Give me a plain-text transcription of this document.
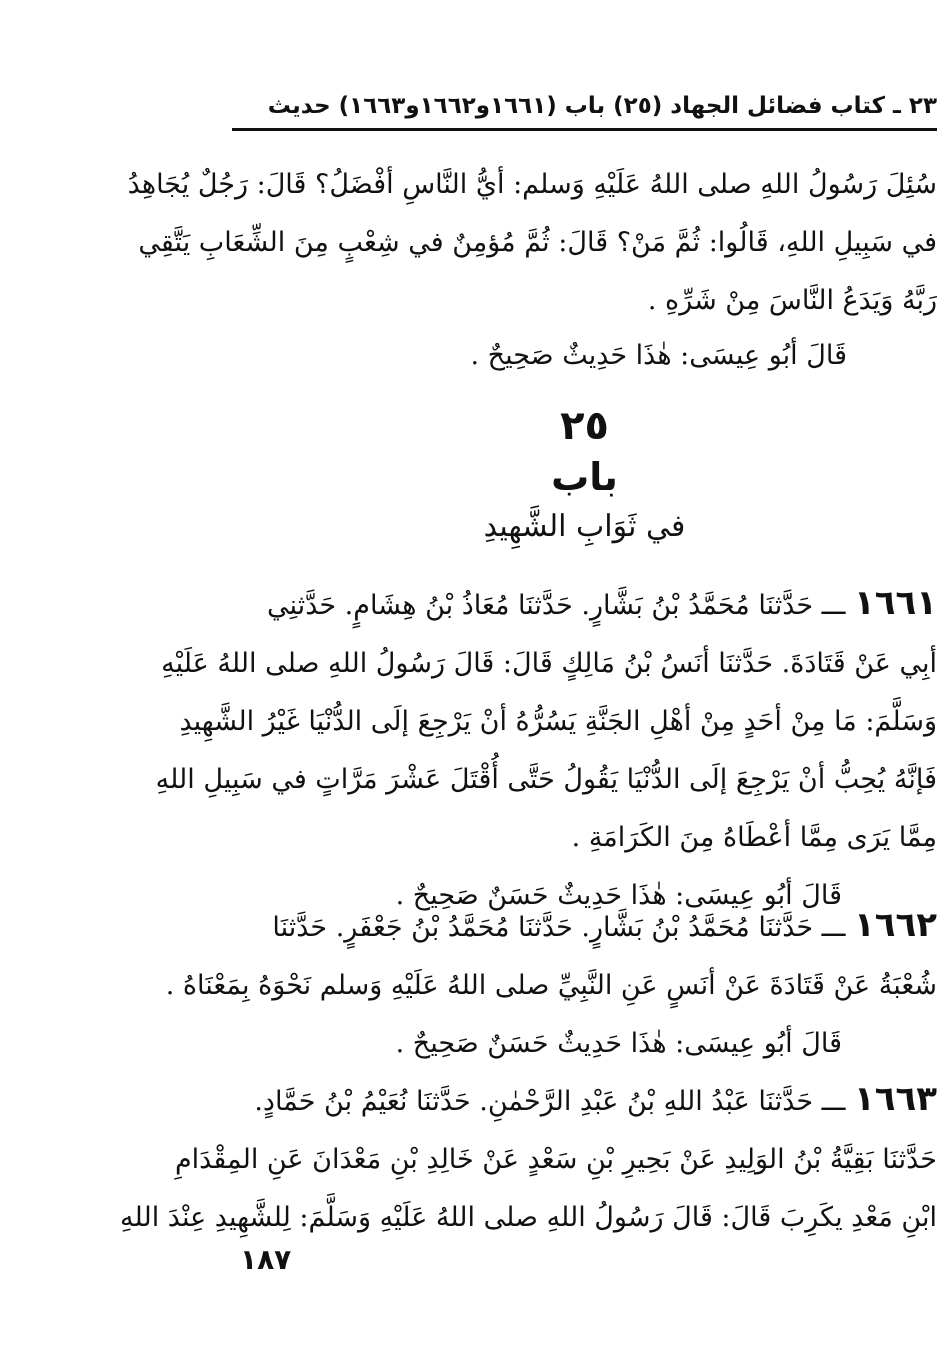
٢٣ ـ كتاب فضائل الجهاد (٢٥) باب (١٦٦١و١٦٦٢و١٦٦٣) حديث
سُئِلَ رَسُولُ اللهِ صلى اللهُ عَلَيْهِ وَسلم: أيُّ النَّاسِ أفْضَلُ؟ قَالَ: رَجُلٌ يُجَاهِدُ
في سَبِيلِ اللهِ، قَالُوا: ثُمَّ مَنْ؟ قَالَ: ثُمَّ مُؤمِنٌ في شِعْبٍ مِنَ الشِّعَابِ يَتَّقِي
رَبَّهُ وَيَدَعُ النَّاسَ مِنْ شَرِّهِ .
قَالَ أبُو عِيسَى: هٰذَا حَدِيثٌ صَحِيحٌ .
٢٥
باب
في ثَوَابِ الشَّهِيدِ
١٦٦١ ـــ حَدَّثنَا مُحَمَّدُ بْنُ بَشَّارٍ. حَدَّثنَا مُعَاذُ بْنُ هِشَامٍ. حَدَّثنِي
أبِي عَنْ قَتَادَةَ. حَدَّثنَا أنَسُ بْنُ مَالِكٍ قَالَ: قَالَ رَسُولُ اللهِ صلى اللهُ عَلَيْهِ
وَسَلَّمَ: مَا مِنْ أحَدٍ مِنْ أهْلِ الجَنَّةِ يَسُرُّهُ أنْ يَرْجِعَ إلَى الدُّنْيَا غَيْرُ الشَّهِيدِ
فَإنَّهُ يُحِبُّ أنْ يَرْجِعَ إلَى الدُّنْيَا يَقُولُ حَتَّى أُقْتَلَ عَشْرَ مَرَّاتٍ في سَبِيلِ اللهِ
مِمَّا يَرَى مِمَّا أعْطَاهُ مِنَ الكَرَامَةِ .
قَالَ أبُو عِيسَى: هٰذَا حَدِيثٌ حَسَنٌ صَحِيحٌ .
١٦٦٢ ـــ حَدَّثنَا مُحَمَّدُ بْنُ بَشَّارٍ. حَدَّثنَا مُحَمَّدُ بْنُ جَعْفَرٍ. حَدَّثنَا
شُعْبَةُ عَنْ قَتَادَةَ عَنْ أنَسٍ عَنِ النَّبِيِّ صلى اللهُ عَلَيْهِ وَسلم نَحْوَهُ بِمَعْنَاهُ .
قَالَ أبُو عِيسَى: هٰذَا حَدِيثٌ حَسَنٌ صَحِيحٌ .
١٦٦٣ ـــ حَدَّثنَا عَبْدُ اللهِ بْنُ عَبْدِ الرَّحْمٰنِ. حَدَّثنَا نُعَيْمُ بْنُ حَمَّادٍ.
حَدَّثنَا بَقِيَّةُ بْنُ الوَلِيدِ عَنْ بَحِيرِ بْنِ سَعْدٍ عَنْ خَالِدِ بْنِ مَعْدَانَ عَنِ المِقْدَامِ
ابْنِ مَعْدِ يكَرِبَ قَالَ: قَالَ رَسُولُ اللهِ صلى اللهُ عَلَيْهِ وَسَلَّمَ: لِلشَّهِيدِ عِنْدَ اللهِ
١٨٧
